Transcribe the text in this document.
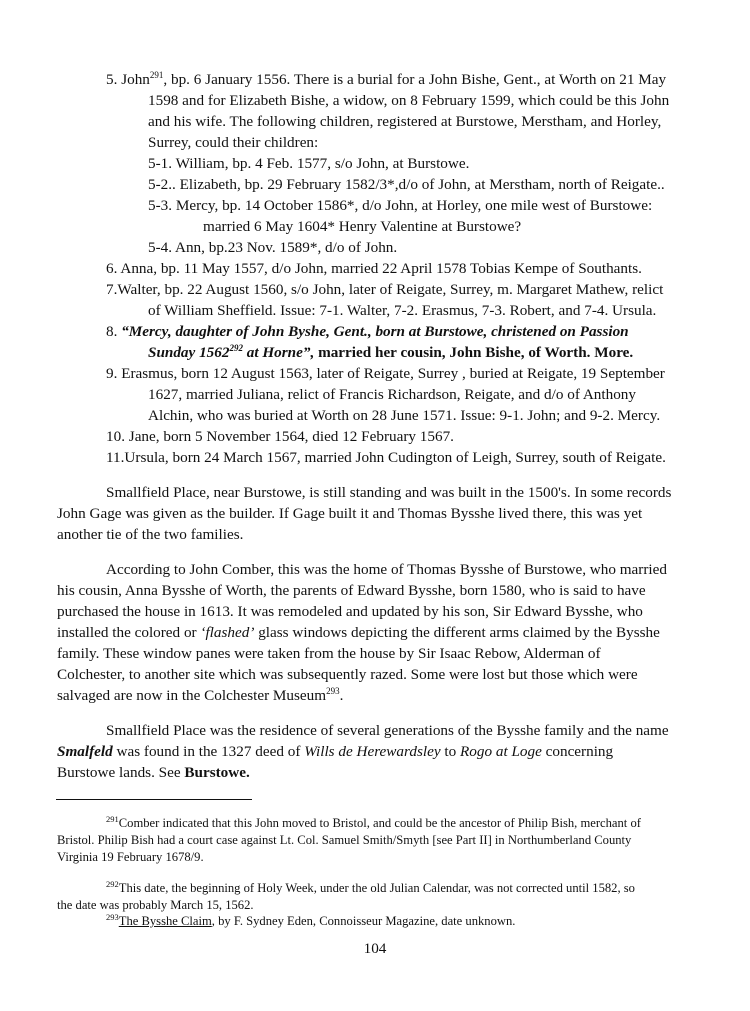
5. John$^{291}$, bp. 6 January 1556. There is a burial for a John Bishe, Gent., at Worth on 21 May
1598 and for Elizabeth Bishe, a widow, on 8 February 1599, which could be this John
and his wife. The following children, registered at Burstowe, Merstham, and Horley,
Surrey, could their children:
5-1. William, bp. 4 Feb. 1577, s/o John, at Burstowe.
5-2.. Elizabeth, bp. 29 February 1582/3*,d/o of John, at Merstham, north of Reigate..
5-3. Mercy, bp. 14 October 1586*, d/o John, at Horley, one mile west of Burstowe:
married 6 May 1604* Henry Valentine at Burstowe?
5-4. Ann, bp.23 Nov. 1589*, d/o of John.
6. Anna, bp. 11 May 1557, d/o John, married 22 April 1578 Tobias Kempe of Southants.
7.Walter, bp. 22 August 1560, s/o John, later of Reigate, Surrey, m. Margaret Mathew, relict
of William Sheffield. Issue: 7-1. Walter, 7-2. Erasmus, 7-3. Robert, and 7-4. Ursula.
8. “Mercy, daughter of John Byshe, Gent., born at Burstowe, christened on Passion
Sunday 1562$^{292}$ at Horne”, married her cousin, John Bishe, of Worth. More.
9. Erasmus, born 12 August 1563, later of Reigate, Surrey , buried at Reigate, 19 September
1627, married Juliana, relict of Francis Richardson, Reigate, and d/o of Anthony
Alchin, who was buried at Worth on 28 June 1571. Issue: 9-1. John; and 9-2. Mercy.
10. Jane, born 5 November 1564, died 12 February 1567.
11.Ursula, born 24 March 1567, married John Cudington of Leigh, Surrey, south of Reigate.
Smallfield Place, near Burstowe, is still standing and was built in the 1500's. In some records
John Gage was given as the builder. If Gage built it and Thomas Bysshe lived there, this was yet
another tie of the two families.
According to John Comber, this was the home of Thomas Bysshe of Burstowe, who married
his cousin, Anna Bysshe of Worth, the parents of Edward Bysshe, born 1580, who is said to have
purchased the house in 1613. It was remodeled and updated by his son, Sir Edward Bysshe, who
installed the colored or ‘flashed’ glass windows depicting the different arms claimed by the Bysshe
family. These window panes were taken from the house by Sir Isaac Rebow, Alderman of
Colchester, to another site which was subsequently razed. Some were lost but those which were
salvaged are now in the Colchester Museum$^{293}$.
Smallfield Place was the residence of several generations of the Bysshe family and the name
Smalfeld was found in the 1327 deed of Wills de Herewardsley to Rogo at Loge concerning
Burstowe lands. See Burstowe.
$^{291}$Comber indicated that this John moved to Bristol, and could be the ancestor of Philip Bish, merchant of
Bristol. Philip Bish had a court case against Lt. Col. Samuel Smith/Smyth [see Part II] in Northumberland County
Virginia 19 February 1678/9.
$^{292}$This date, the beginning of Holy Week, under the old Julian Calendar, was not corrected until 1582, so
the date was probably March 15, 1562.
$^{293}$The Bysshe Claim, by F. Sydney Eden, Connoisseur Magazine, date unknown.
104
